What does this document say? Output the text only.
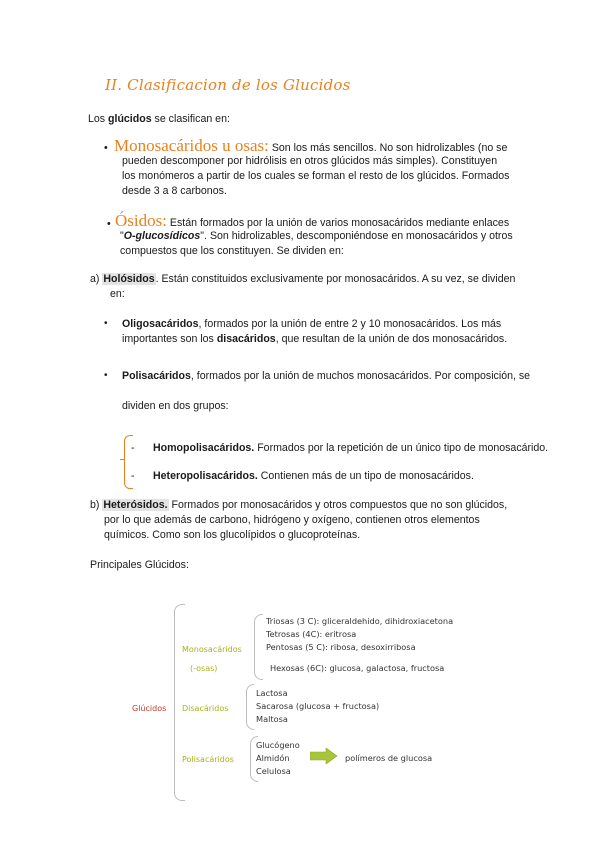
II. Clasificacion de los Glucidos
Los glúcidos se clasifican en:
• Monosacáridos u osas: Son los más sencillos. No son hidrolizables (no se
pueden descomponer por hidrólisis en otros glúcidos más simples). Constituyen
los monómeros a partir de los cuales se forman el resto de los glúcidos. Formados
desde 3 a 8 carbonos.
• Ósidos: Están formados por la unión de varios monosacáridos mediante enlaces
"O-glucosídicos". Son hidrolizables, descomponiéndose en monosacáridos y otros
compuestos que los constituyen. Se dividen en:
a) Holósidos. Están constituidos exclusivamente por monosacáridos. A su vez, se dividen
en:
• Oligosacáridos, formados por la unión de entre 2 y 10 monosacáridos. Los más
importantes son los disacáridos, que resultan de la unión de dos monosacáridos.
• Polisacáridos, formados por la unión de muchos monosacáridos. Por composición, se
dividen en dos grupos:
- Homopolisacáridos. Formados por la repetición de un único tipo de monosacárido.
- Heteropolisacáridos. Contienen más de un tipo de monosacáridos.
b) Heterósidos. Formados por monosacáridos y otros compuestos que no son glúcidos,
por lo que además de carbono, hidrógeno y oxígeno, contienen otros elementos
químicos. Como son los glucolípidos o glucoproteínas.
Principales Glúcidos:
Glúcidos
Monosacáridos
(-osas)
Triosas (3 C): gliceraldehido, dihidroxiacetona
Tetrosas (4C): eritrosa
Pentosas (5 C): ribosa, desoxirribosa
Hexosas (6C): glucosa, galactosa, fructosa
Disacáridos
Lactosa
Sacarosa (glucosa + fructosa)
Maltosa
Polisacáridos
Glucógeno
Almidón
Celulosa
polímeros de glucosa
